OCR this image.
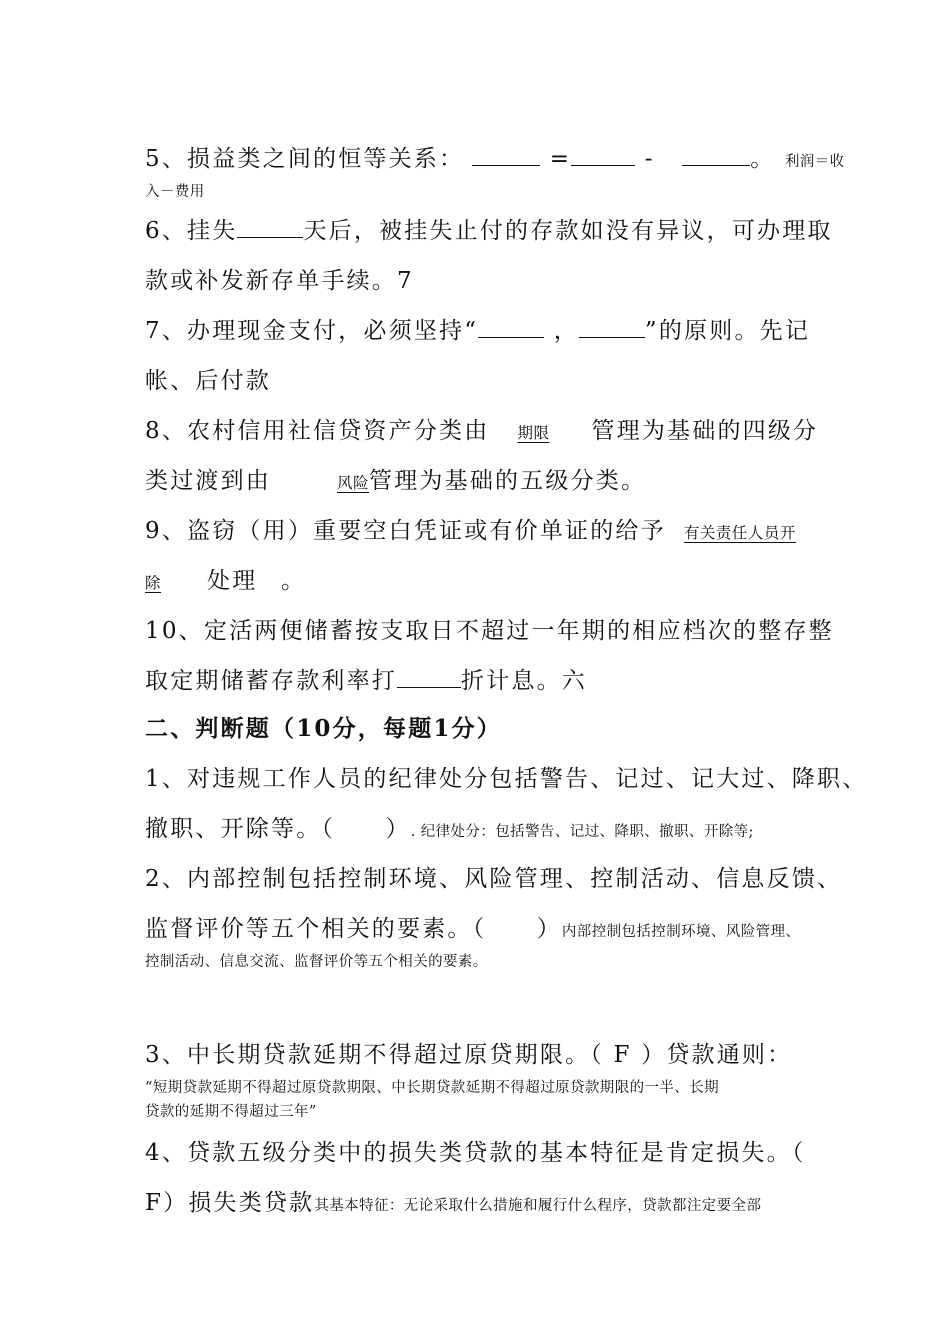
5、损益类之间的恒等关系：	=	-	。 利润＝收
入－费用
6、挂失	天后，被挂失止付的存款如没有异议，可办理取
款或补发新存单手续。7
7、办理现金支付，必须坚持“	，	”的原则。先记
帐、后付款
8、农村信用社信贷资产分类由 期限 管理为基础的四级分
类过渡到由	风险管理为基础的五级分类。
9、盗窃（用）重要空白凭证或有价单证的给予 有关责任人员开
除 处理 。
10、定活两便储蓄按支取日不超过一年期的相应档次的整存整
取定期储蓄存款利率打	折计息。六
二、判断题（10分，每题1分）
1、对违规工作人员的纪律处分包括警告、记过、记大过、降职、
撤职、开除等。（　　）. 纪律处分：包括警告、记过、降职、撤职、开除等;
2、内部控制包括控制环境、风险管理、控制活动、信息反馈、
监督评价等五个相关的要素。（　　）内部控制包括控制环境、风险管理、
控制活动、信息交流、监督评价等五个相关的要素。
3、中长期贷款延期不得超过原贷期限。（ F ）贷款通则：
“短期贷款延期不得超过原贷款期限、中长期贷款延期不得超过原贷款期限的一半、长期
贷款的延期不得超过三年”
4、贷款五级分类中的损失类贷款的基本特征是肯定损失。（
F）损失类贷款其基本特征：无论采取什么措施和履行什么程序，贷款都注定要全部
